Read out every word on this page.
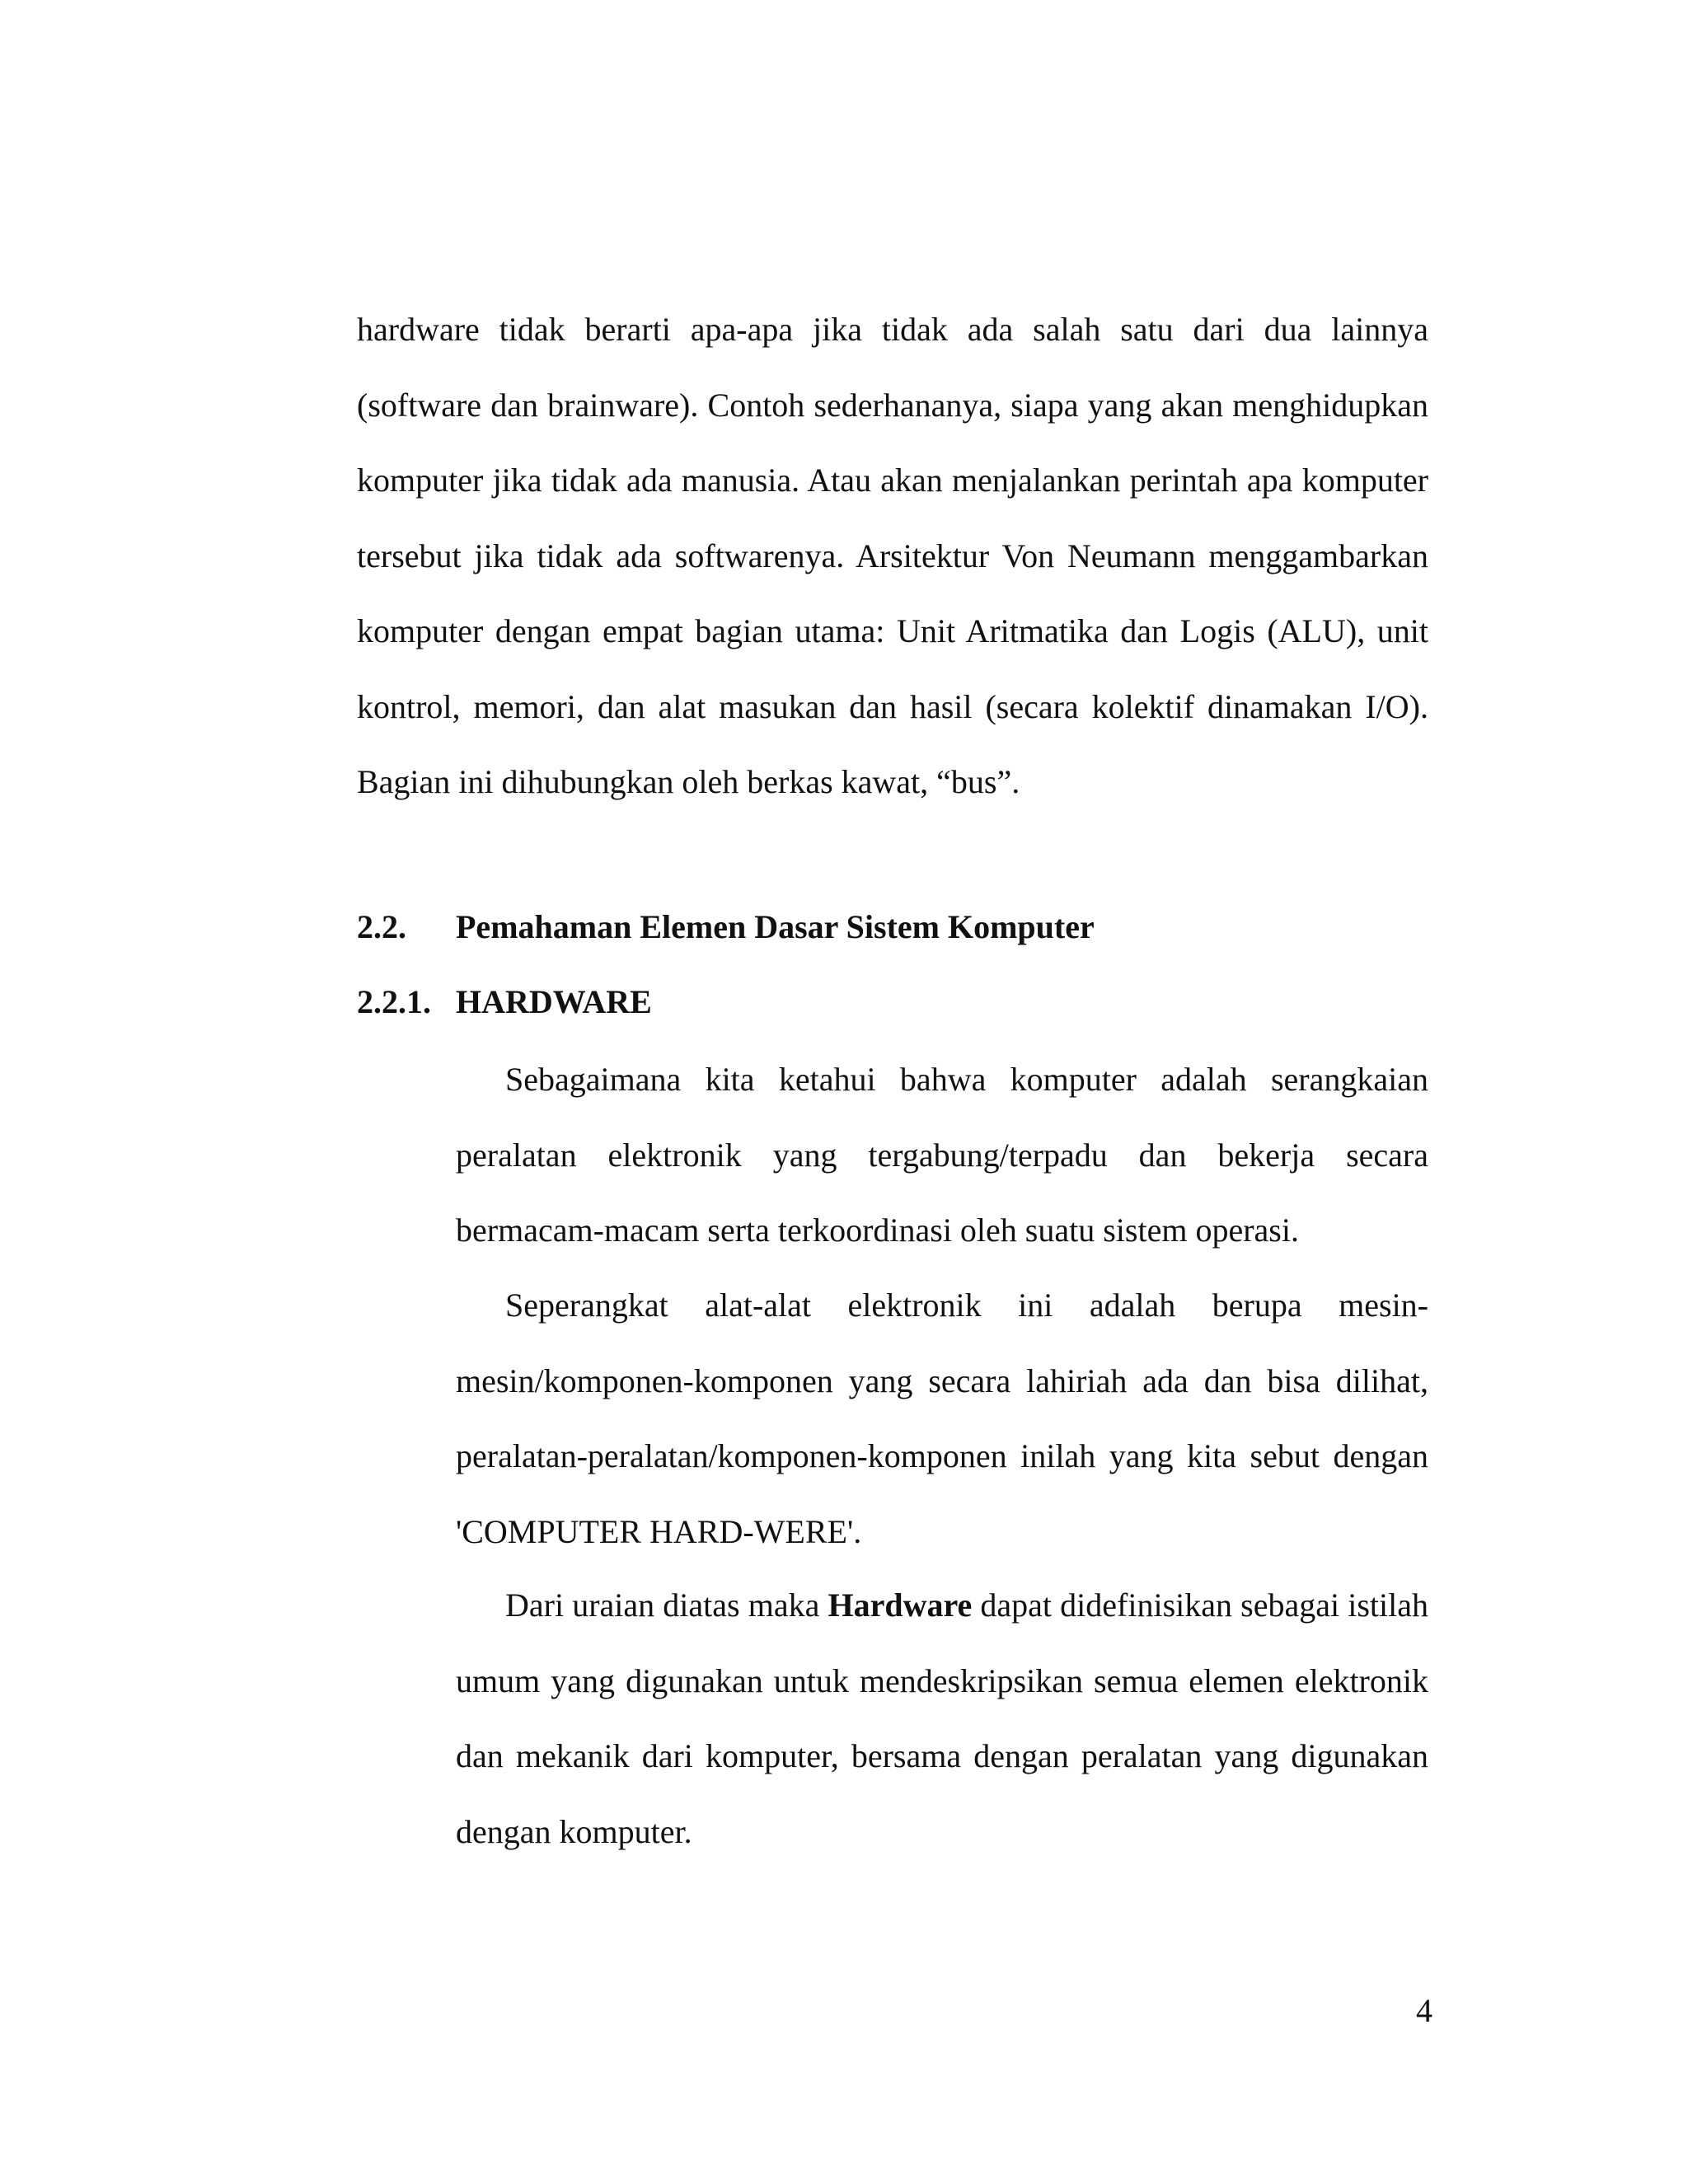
hardware tidak berarti apa-apa jika tidak ada salah satu dari dua lainnya (software dan brainware). Contoh sederhananya, siapa yang akan menghidupkan komputer jika tidak ada manusia. Atau akan menjalankan perintah apa komputer tersebut jika tidak ada softwarenya. Arsitektur Von Neumann menggambarkan komputer dengan empat bagian utama: Unit Aritmatika dan Logis (ALU), unit kontrol, memori, dan alat masukan dan hasil (secara kolektif dinamakan I/O). Bagian ini dihubungkan oleh berkas kawat, “bus”.

2.2. Pemahaman Elemen Dasar Sistem Komputer
2.2.1. HARDWARE

Sebagaimana kita ketahui bahwa komputer adalah serangkaian peralatan elektronik yang tergabung/terpadu dan bekerja secara bermacam-macam serta terkoordinasi oleh suatu sistem operasi.

Seperangkat alat-alat elektronik ini adalah berupa mesin-mesin/komponen-komponen yang secara lahiriah ada dan bisa dilihat, peralatan-peralatan/komponen-komponen inilah yang kita sebut dengan 'COMPUTER HARD-WERE'.

Dari uraian diatas maka Hardware dapat didefinisikan sebagai istilah umum yang digunakan untuk mendeskripsikan semua elemen elektronik dan mekanik dari komputer, bersama dengan peralatan yang digunakan dengan komputer.

4
